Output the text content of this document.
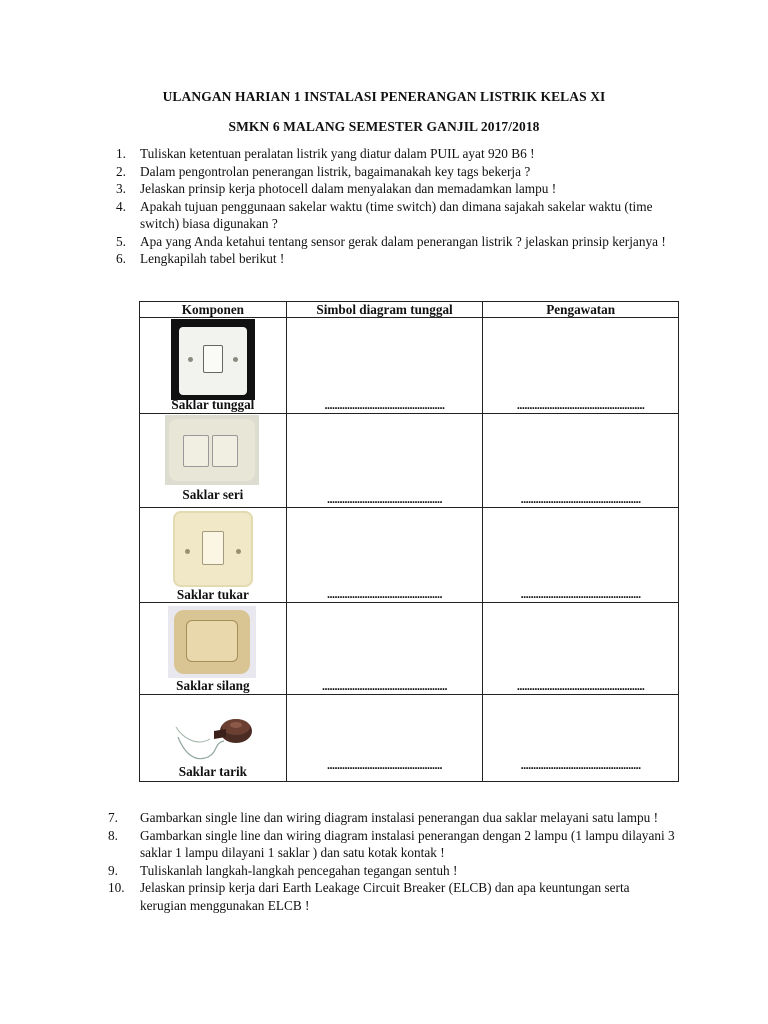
ULANGAN HARIAN 1 INSTALASI PENERANGAN LISTRIK KELAS XI
SMKN 6 MALANG SEMESTER GANJIL 2017/2018
1.	Tuliskan ketentuan peralatan listrik yang diatur dalam PUIL ayat 920 B6 !
2.	Dalam pengontrolan penerangan listrik, bagaimanakah key tags bekerja ?
3.	Jelaskan prinsip kerja photocell dalam menyalakan dan memadamkan lampu !
4.	Apakah tujuan penggunaan sakelar waktu (time switch) dan dimana sajakah sakelar waktu (time switch) biasa digunakan ?
5.	Apa yang Anda ketahui tentang sensor gerak dalam penerangan listrik ? jelaskan prinsip kerjanya !
6.	Lengkapilah tabel berikut !
Komponen	Simbol diagram tunggal	Pengawatan

Saklar tunggal	................................................	...................................................

Saklar seri	..............................................	................................................

Saklar tukar	..............................................	................................................

Saklar silang	..................................................	...................................................

Saklar tarik	..............................................	................................................
7.	Gambarkan single line dan wiring diagram instalasi penerangan dua saklar melayani satu lampu !
8.	Gambarkan single line dan wiring diagram instalasi penerangan dengan 2 lampu (1 lampu dilayani 3 saklar 1 lampu dilayani 1 saklar ) dan satu kotak kontak !
9.	Tuliskanlah langkah-langkah pencegahan tegangan sentuh !
10.	Jelaskan prinsip kerja dari Earth Leakage Circuit Breaker (ELCB) dan apa keuntungan serta kerugian menggunakan ELCB !
